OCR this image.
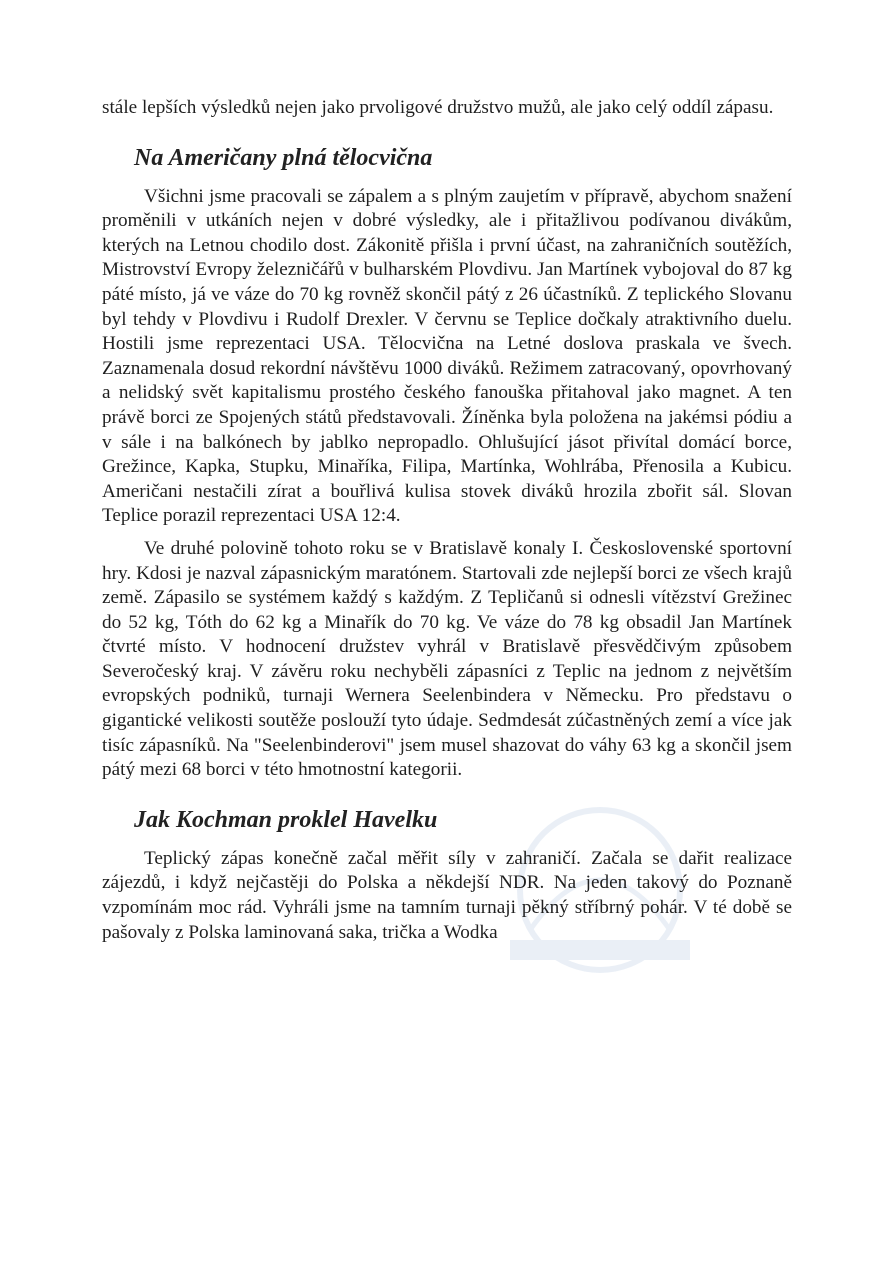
stále lepších výsledků nejen jako prvoligové družstvo mužů, ale jako celý oddíl zápasu.

Na Američany plná tělocvična

Všichni jsme pracovali se zápalem a s plným zaujetím v přípravě, abychom snažení proměnili v utkáních nejen v dobré výsledky, ale i přitažlivou podívanou divákům, kterých na Letnou chodilo dost. Zákonitě přišla i první účast, na zahraničních soutěžích, Mistrovství Evropy železničářů v bulharském Plovdivu. Jan Martínek vybojoval do 87 kg páté místo, já ve váze do 70 kg rovněž skončil pátý z 26 účastníků. Z teplického Slovanu byl tehdy v Plovdivu i Rudolf Drexler. V červnu se Teplice dočkaly atraktivního duelu. Hostili jsme reprezentaci USA. Tělocvična na Letné doslova praskala ve švech. Zaznamenala dosud rekordní návštěvu 1000 diváků. Režimem zatracovaný, opovrhovaný a nelidský svět kapitalismu prostého českého fanouška přitahoval jako magnet. A ten právě borci ze Spojených států představovali. Žíněnka byla položena na jakémsi pódiu a v sále i na balkónech by jablko nepropadlo. Ohlušující jásot přivítal domácí borce, Grežince, Kapka, Stupku, Minaříka, Filipa, Martínka, Wohlrába, Přenosila a Kubicu. Američani nestačili zírat a bouřlivá kulisa stovek diváků hrozila zbořit sál. Slovan Teplice porazil reprezentaci USA 12:4.

Ve druhé polovině tohoto roku se v Bratislavě konaly I. Československé sportovní hry. Kdosi je nazval zápasnickým maratónem. Startovali zde nejlepší borci ze všech krajů země. Zápasilo se systémem každý s každým. Z Tepličanů si odnesli vítězství Grežinec do 52 kg, Tóth do 62 kg a Minařík do 70 kg. Ve váze do 78 kg obsadil Jan Martínek čtvrté místo. V hodnocení družstev vyhrál v Bratislavě přesvědčivým způsobem Severočeský kraj. V závěru roku nechyběli zápasníci z Teplic na jednom z největším evropských podniků, turnaji Wernera Seelenbindera v Německu. Pro představu o gigantické velikosti soutěže poslouží tyto údaje. Sedmdesát zúčastněných zemí a více jak tisíc zápasníků. Na "Seelenbinderovi" jsem musel shazovat do váhy 63 kg a skončil jsem pátý mezi 68 borci v této hmotnostní kategorii.

Jak Kochman proklel Havelku

Teplický zápas konečně začal měřit síly v zahraničí. Začala se dařit realizace zájezdů, i když nejčastěji do Polska a někdejší NDR. Na jeden takový do Poznaně vzpomínám moc rád. Vyhráli jsme na tamním turnaji pěkný stříbrný pohár. V té době se pašovaly z Polska laminovaná saka, trička a Wodka
